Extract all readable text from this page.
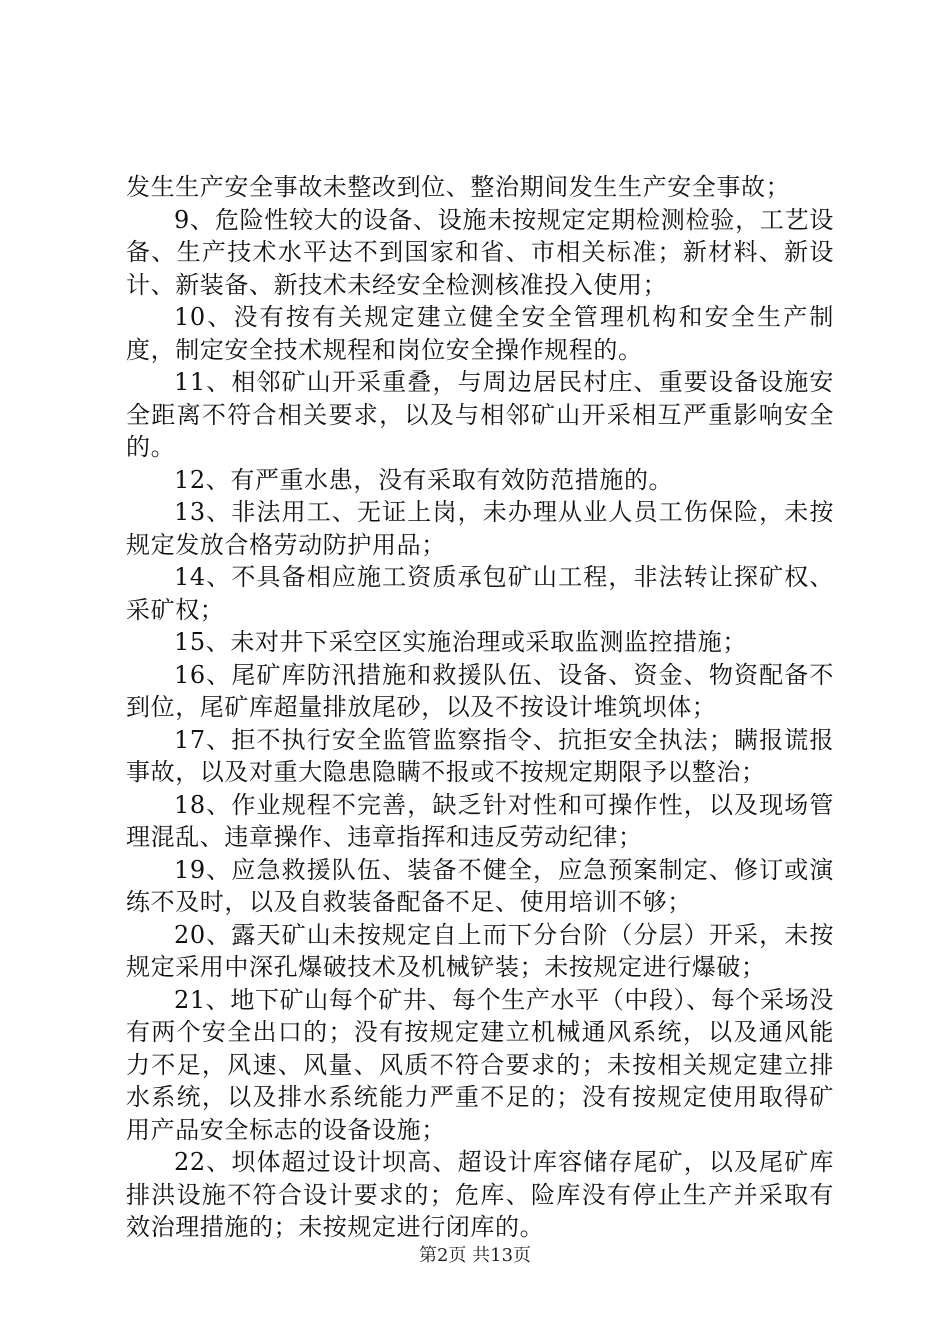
发生生产安全事故未整改到位、整治期间发生生产安全事故；

9、危险性较大的设备、设施未按规定定期检测检验，工艺设备、生产技术水平达不到国家和省、市相关标准；新材料、新设计、新装备、新技术未经安全检测核准投入使用；

10、没有按有关规定建立健全安全管理机构和安全生产制度，制定安全技术规程和岗位安全操作规程的。

11、相邻矿山开采重叠，与周边居民村庄、重要设备设施安全距离不符合相关要求，以及与相邻矿山开采相互严重影响安全的。

12、有严重水患，没有采取有效防范措施的。

13、非法用工、无证上岗，未办理从业人员工伤保险，未按规定发放合格劳动防护用品；

14、不具备相应施工资质承包矿山工程，非法转让探矿权、采矿权；

15、未对井下采空区实施治理或采取监测监控措施；

16、尾矿库防汛措施和救援队伍、设备、资金、物资配备不到位，尾矿库超量排放尾砂，以及不按设计堆筑坝体；

17、拒不执行安全监管监察指令、抗拒安全执法；瞒报谎报事故，以及对重大隐患隐瞒不报或不按规定期限予以整治；

18、作业规程不完善，缺乏针对性和可操作性，以及现场管理混乱、违章操作、违章指挥和违反劳动纪律；

19、应急救援队伍、装备不健全，应急预案制定、修订或演练不及时，以及自救装备配备不足、使用培训不够；

20、露天矿山未按规定自上而下分台阶（分层）开采，未按规定采用中深孔爆破技术及机械铲装；未按规定进行爆破；

21、地下矿山每个矿井、每个生产水平（中段）、每个采场没有两个安全出口的；没有按规定建立机械通风系统，以及通风能力不足，风速、风量、风质不符合要求的；未按相关规定建立排水系统，以及排水系统能力严重不足的；没有按规定使用取得矿用产品安全标志的设备设施；

22、坝体超过设计坝高、超设计库容储存尾矿，以及尾矿库排洪设施不符合设计要求的；危库、险库没有停止生产并采取有效治理措施的；未按规定进行闭库的。

第2页 共13页
